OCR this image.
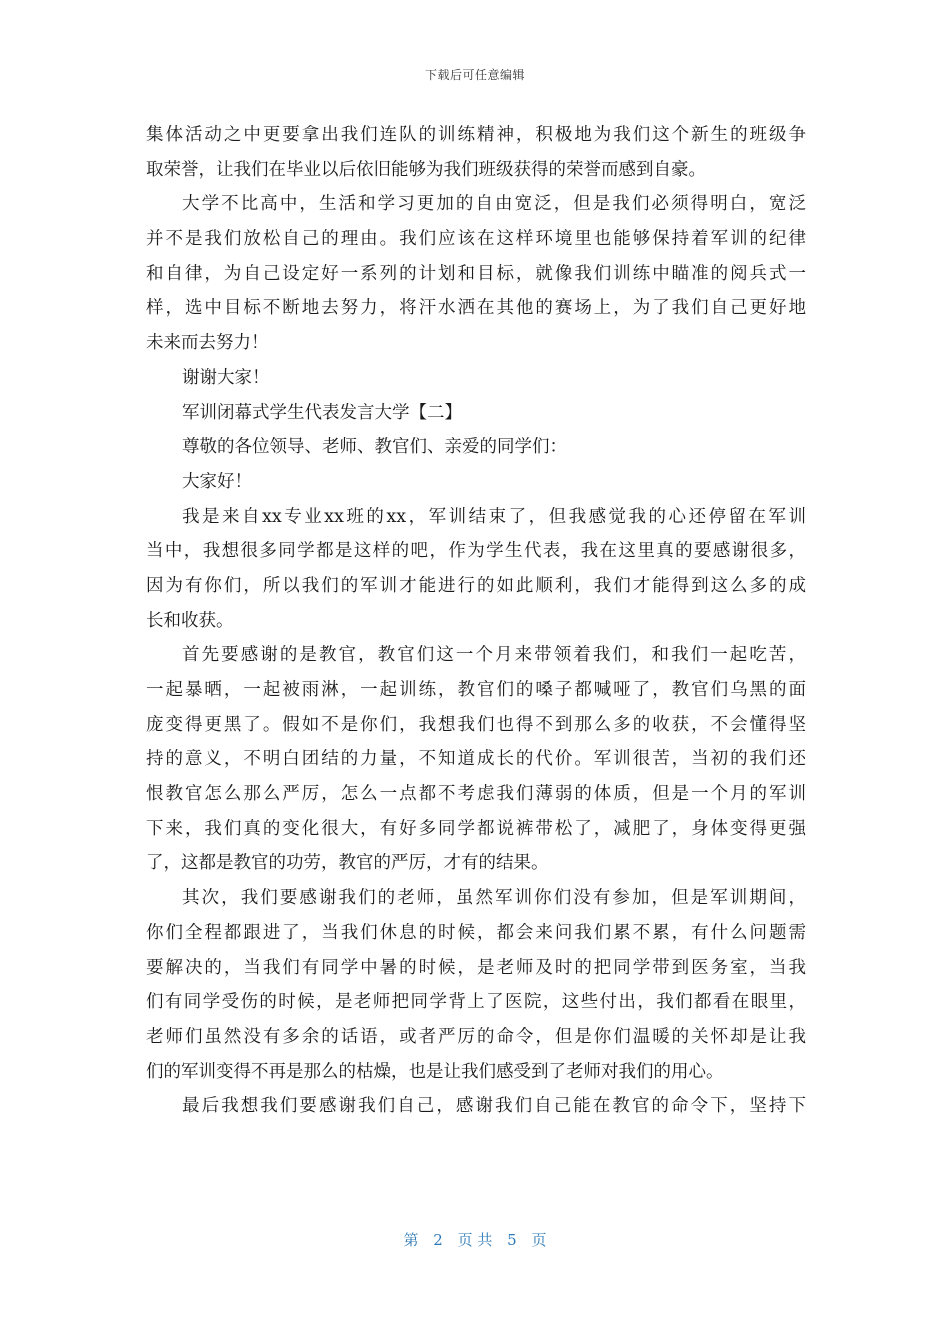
下载后可任意编辑
集体活动之中更要拿出我们连队的训练精神，积极地为我们这个新生的班级争
取荣誉，让我们在毕业以后依旧能够为我们班级获得的荣誉而感到自豪。
大学不比高中，生活和学习更加的自由宽泛，但是我们必须得明白，宽泛
并不是我们放松自己的理由。我们应该在这样环境里也能够保持着军训的纪律
和自律，为自己设定好一系列的计划和目标，就像我们训练中瞄准的阅兵式一
样，选中目标不断地去努力，将汗水洒在其他的赛场上，为了我们自己更好地
未来而去努力！
谢谢大家！
军训闭幕式学生代表发言大学【二】
尊敬的各位领导、老师、教官们、亲爱的同学们：
大家好！
我是来自xx专业xx班的xx，军训结束了，但我感觉我的心还停留在军训
当中，我想很多同学都是这样的吧，作为学生代表，我在这里真的要感谢很多，
因为有你们，所以我们的军训才能进行的如此顺利，我们才能得到这么多的成
长和收获。
首先要感谢的是教官，教官们这一个月来带领着我们，和我们一起吃苦，
一起暴晒，一起被雨淋，一起训练，教官们的嗓子都喊哑了，教官们乌黑的面
庞变得更黑了。假如不是你们，我想我们也得不到那么多的收获，不会懂得坚
持的意义，不明白团结的力量，不知道成长的代价。军训很苦，当初的我们还
恨教官怎么那么严厉，怎么一点都不考虑我们薄弱的体质，但是一个月的军训
下来，我们真的变化很大，有好多同学都说裤带松了，减肥了，身体变得更强
了，这都是教官的功劳，教官的严厉，才有的结果。
其次，我们要感谢我们的老师，虽然军训你们没有参加，但是军训期间，
你们全程都跟进了，当我们休息的时候，都会来问我们累不累，有什么问题需
要解决的，当我们有同学中暑的时候，是老师及时的把同学带到医务室，当我
们有同学受伤的时候，是老师把同学背上了医院，这些付出，我们都看在眼里，
老师们虽然没有多余的话语，或者严厉的命令，但是你们温暖的关怀却是让我
们的军训变得不再是那么的枯燥，也是让我们感受到了老师对我们的用心。
最后我想我们要感谢我们自己，感谢我们自己能在教官的命令下，坚持下
第 2 页 共 5 页
